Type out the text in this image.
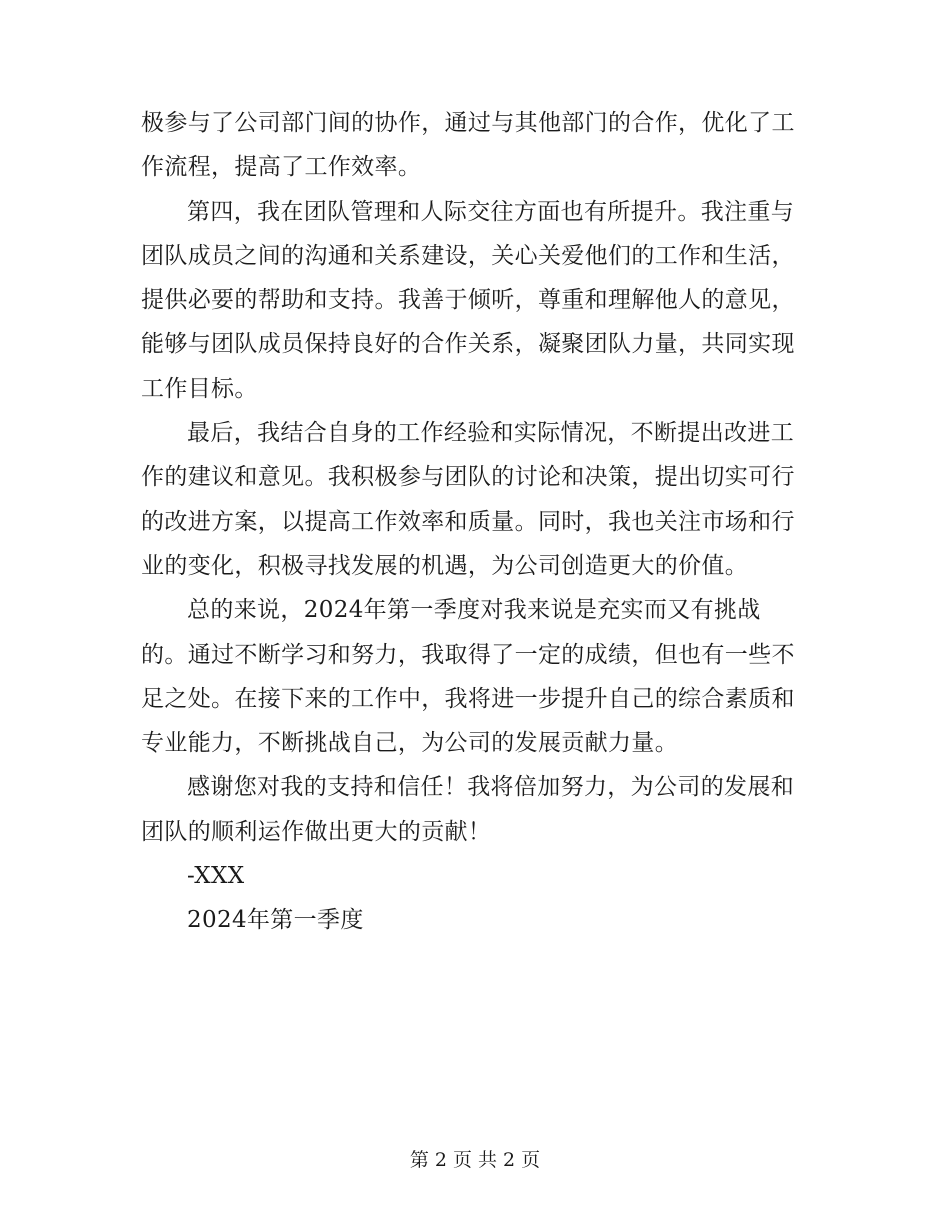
极参与了公司部门间的协作，通过与其他部门的合作，优化了工作流程，提高了工作效率。

第四，我在团队管理和人际交往方面也有所提升。我注重与团队成员之间的沟通和关系建设，关心关爱他们的工作和生活，提供必要的帮助和支持。我善于倾听，尊重和理解他人的意见，能够与团队成员保持良好的合作关系，凝聚团队力量，共同实现工作目标。

最后，我结合自身的工作经验和实际情况，不断提出改进工作的建议和意见。我积极参与团队的讨论和决策，提出切实可行的改进方案，以提高工作效率和质量。同时，我也关注市场和行业的变化，积极寻找发展的机遇，为公司创造更大的价值。

总的来说，2024年第一季度对我来说是充实而又有挑战的。通过不断学习和努力，我取得了一定的成绩，但也有一些不足之处。在接下来的工作中，我将进一步提升自己的综合素质和专业能力，不断挑战自己，为公司的发展贡献力量。

感谢您对我的支持和信任！我将倍加努力，为公司的发展和团队的顺利运作做出更大的贡献！

-XXX

2024年第一季度

第 2 页 共 2 页
